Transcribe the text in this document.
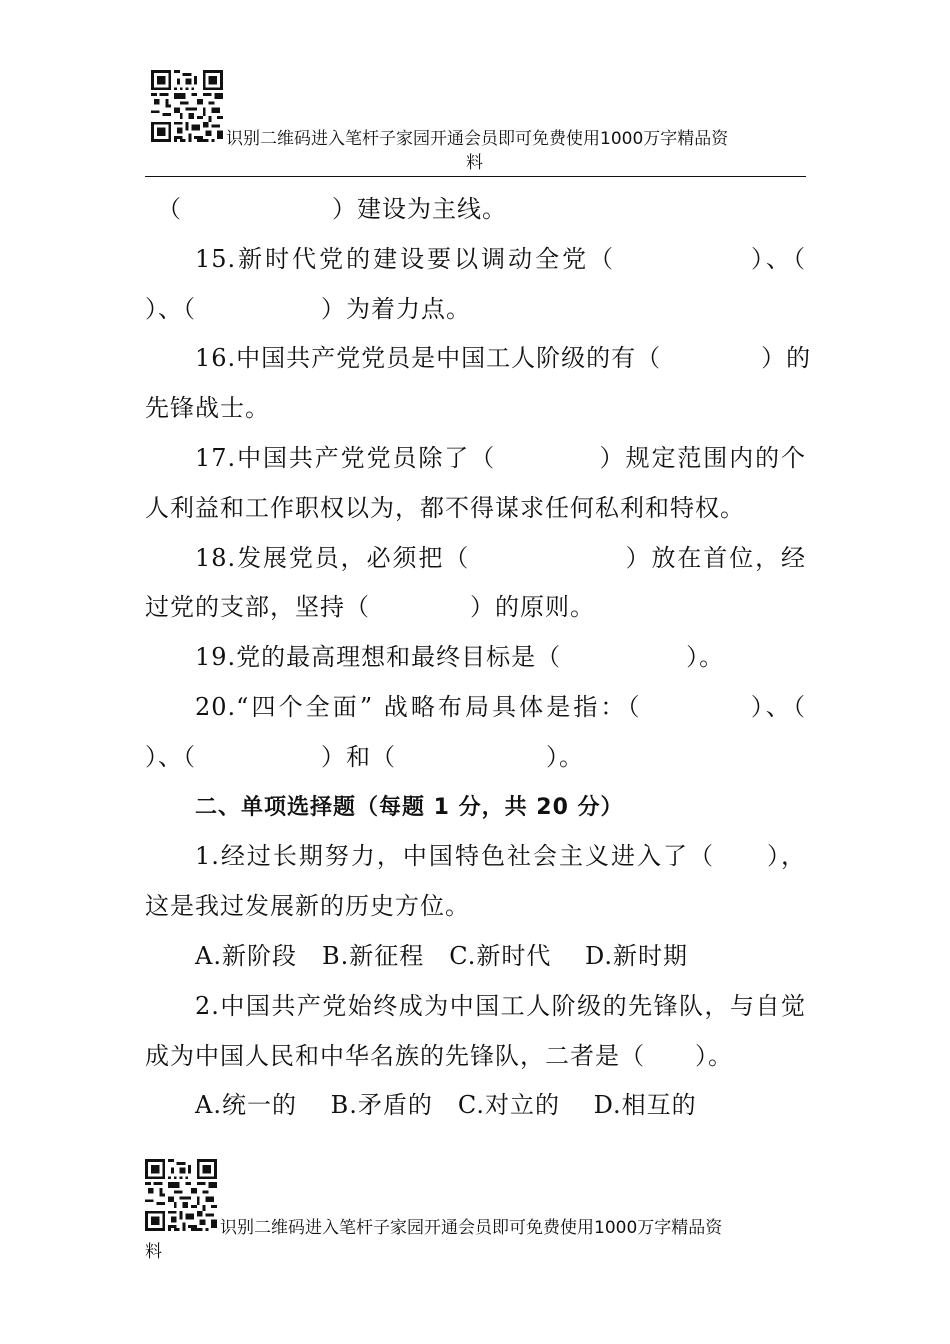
识别二维码进入笔杆子家园开通会员即可免费使用1000万字精品资
料
（　　　　　　）建设为主线。
15.新时代党的建设要以调动全党（　　　　　）、（
）、（　　　　　）为着力点。
16.中国共产党党员是中国工人阶级的有（　　　　）的
先锋战士。
17.中国共产党党员除了（　　　　）规定范围内的个
人利益和工作职权以为，都不得谋求任何私利和特权。
18.发展党员，必须把（　　　　　　）放在首位，经
过党的支部，坚持（　　　　）的原则。
19.党的最高理想和最终目标是（　　　　　）。
20.“四个全面” 战略布局具体是指：（　　　　）、（
）、（　　　　　）和（　　　　　　）。
二、单项选择题（每题 1 分，共 20 分）
1.经过长期努力，中国特色社会主义进入了（　　），
这是我过发展新的历史方位。
A.新阶段　B.新征程　C.新时代　 D.新时期
2.中国共产党始终成为中国工人阶级的先锋队，与自觉
成为中国人民和中华名族的先锋队，二者是（　　）。
A.统一的　 B.矛盾的　C.对立的　 D.相互的
识别二维码进入笔杆子家园开通会员即可免费使用1000万字精品资
料
